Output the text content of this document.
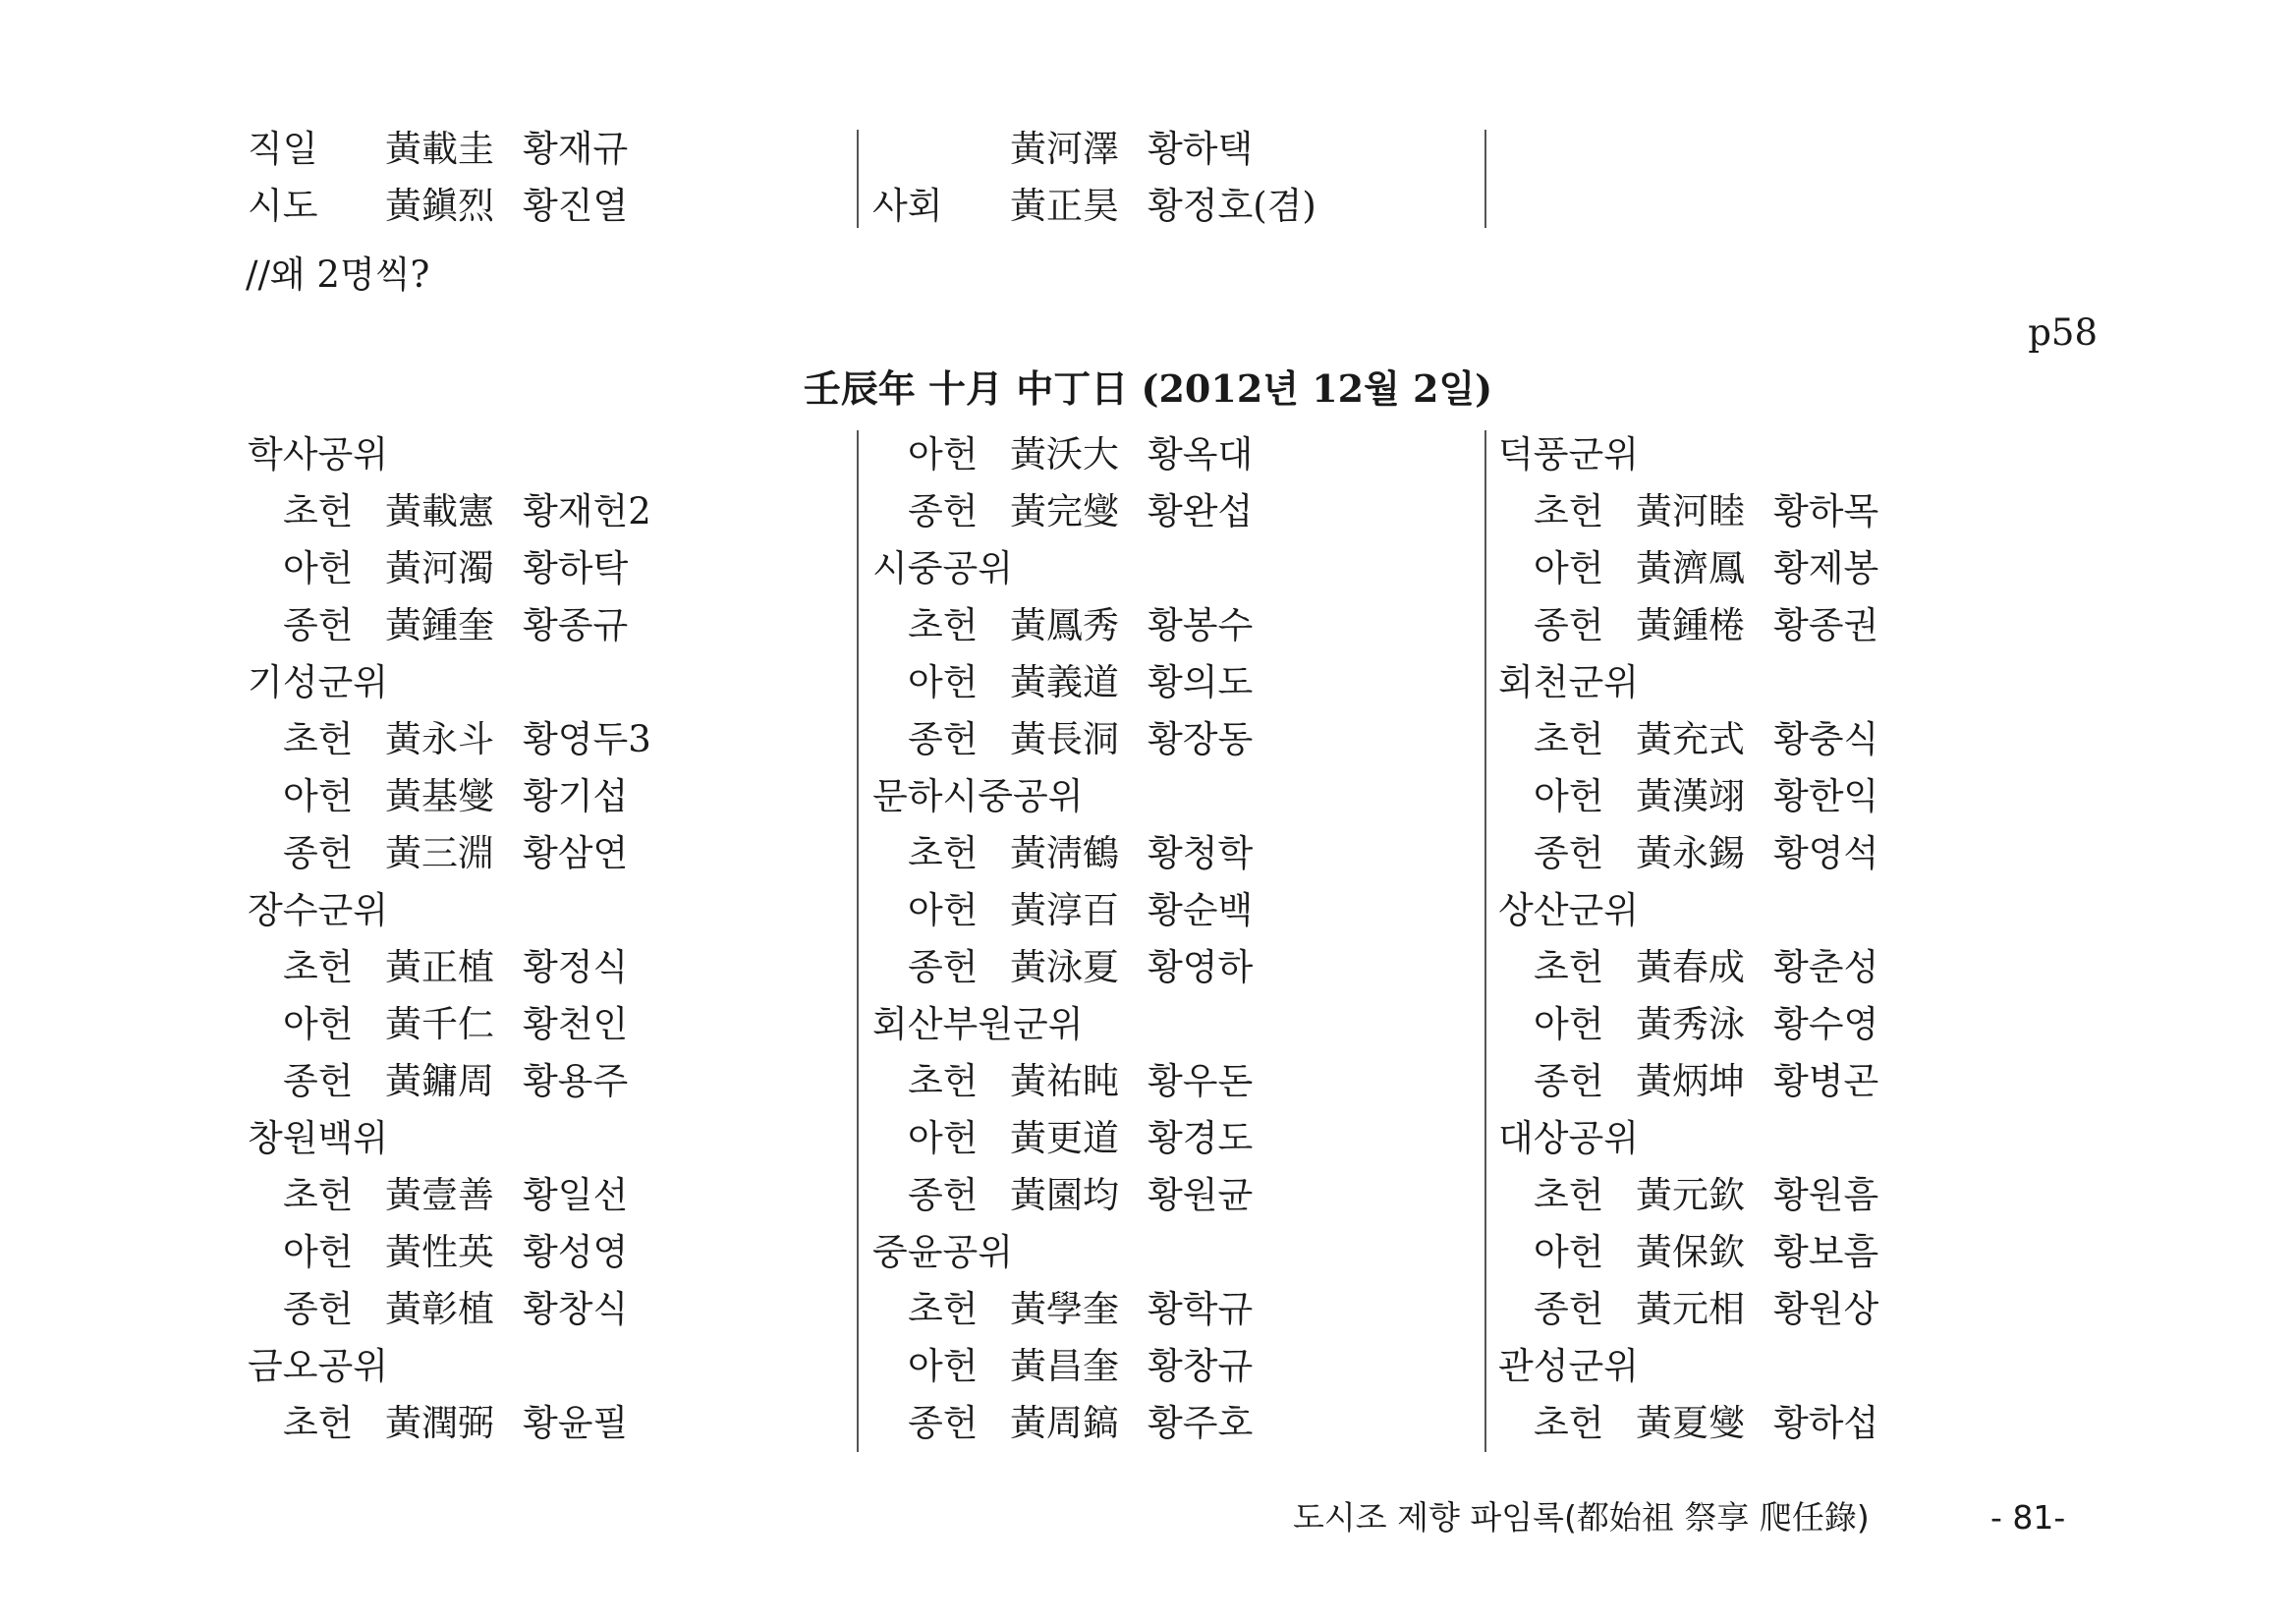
직일 黃載圭 황재규
시도 黃鎭烈 황진열
黃河澤 황하택
사회 黃正昊 황정호(겸)
//왜 2명씩?
p58
壬辰年 十月 中丁日 (2012년 12월 2일)
학사공위
초헌 黃載憲 황재헌2
아헌 黃河濁 황하탁
종헌 黃鍾奎 황종규
기성군위
초헌 黃永斗 황영두3
아헌 黃基燮 황기섭
종헌 黃三淵 황삼연
장수군위
초헌 黃正植 황정식
아헌 黃千仁 황천인
종헌 黃鏞周 황용주
창원백위
초헌 黃壹善 황일선
아헌 黃性英 황성영
종헌 黃彰植 황창식
금오공위
초헌 黃潤弼 황윤필
아헌 黃沃大 황옥대
종헌 黃完燮 황완섭
시중공위
초헌 黃鳳秀 황봉수
아헌 黃義道 황의도
종헌 黃長洞 황장동
문하시중공위
초헌 黃淸鶴 황청학
아헌 黃淳百 황순백
종헌 黃泳夏 황영하
회산부원군위
초헌 黃祐盹 황우돈
아헌 黃更道 황경도
종헌 黃園均 황원균
중윤공위
초헌 黃學奎 황학규
아헌 黃昌奎 황창규
종헌 黃周鎬 황주호
덕풍군위
초헌 黃河睦 황하목
아헌 黃濟鳳 황제봉
종헌 黃鍾棬 황종권
회천군위
초헌 黃充式 황충식
아헌 黃漢翊 황한익
종헌 黃永錫 황영석
상산군위
초헌 黃春成 황춘성
아헌 黃秀泳 황수영
종헌 黃炳坤 황병곤
대상공위
초헌 黃元欽 황원흠
아헌 黃保欽 황보흠
종헌 黃元相 황원상
관성군위
초헌 黃夏燮 황하섭
도시조 제향 파임록(都始祖 祭享 爬任錄)	- 81-
